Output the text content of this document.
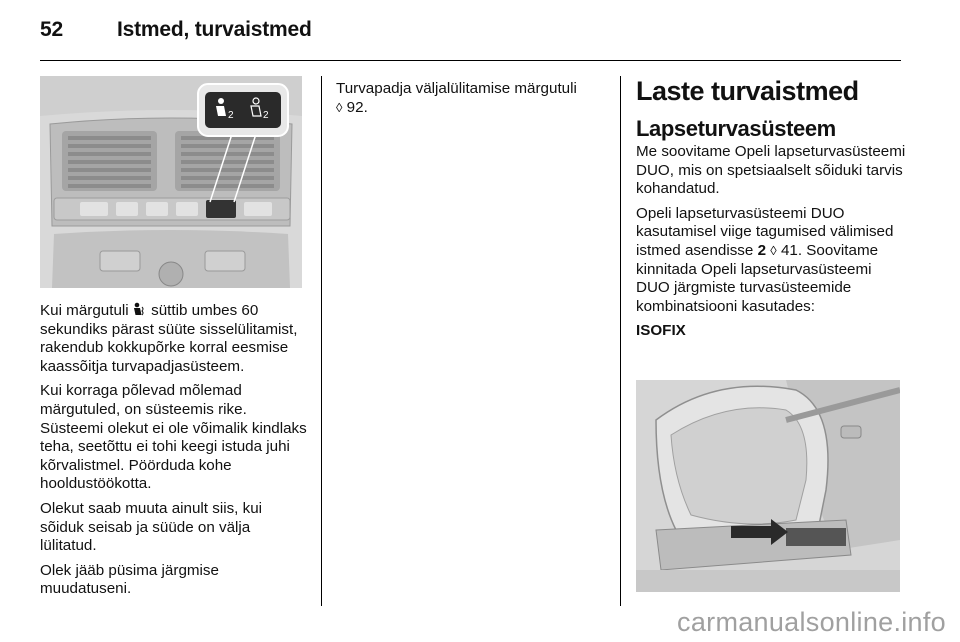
52	Istmed, turvaistmed
2	2

Kui märgutuli süttib umbes 60 sekundiks pärast süüte sisselülitamist, rakendub kokkupõrke korral eesmise kaassõitja turvapadjasüsteem.

Kui korraga põlevad mõlemad märgutuled, on süsteemis rike. Süsteemi olekut ei ole võimalik kindlaks teha, seetõttu ei tohi keegi istuda juhi kõrvalistmel. Pöörduda kohe hooldustöökotta.

Olekut saab muuta ainult siis, kui sõiduk seisab ja süüde on välja lülitatud.

Olek jääb püsima järgmise muudatuseni.

Turvapadja väljalülitamise märgutuli
◊ 92.
Laste turvaistmed
Lapseturvasüsteem

Me soovitame Opeli lapseturvasüsteemi DUO, mis on spetsiaalselt sõiduki tarvis kohandatud.

Opeli lapseturvasüsteemi DUO kasutamisel viige tagumised välimised istmed asendisse 2 ◊ 41. Soovitame kinnitada Opeli lapseturvasüsteemi DUO järgmiste turvasüsteemide kombinatsiooni kasutades:

ISOFIX

carmanualsonline.info
